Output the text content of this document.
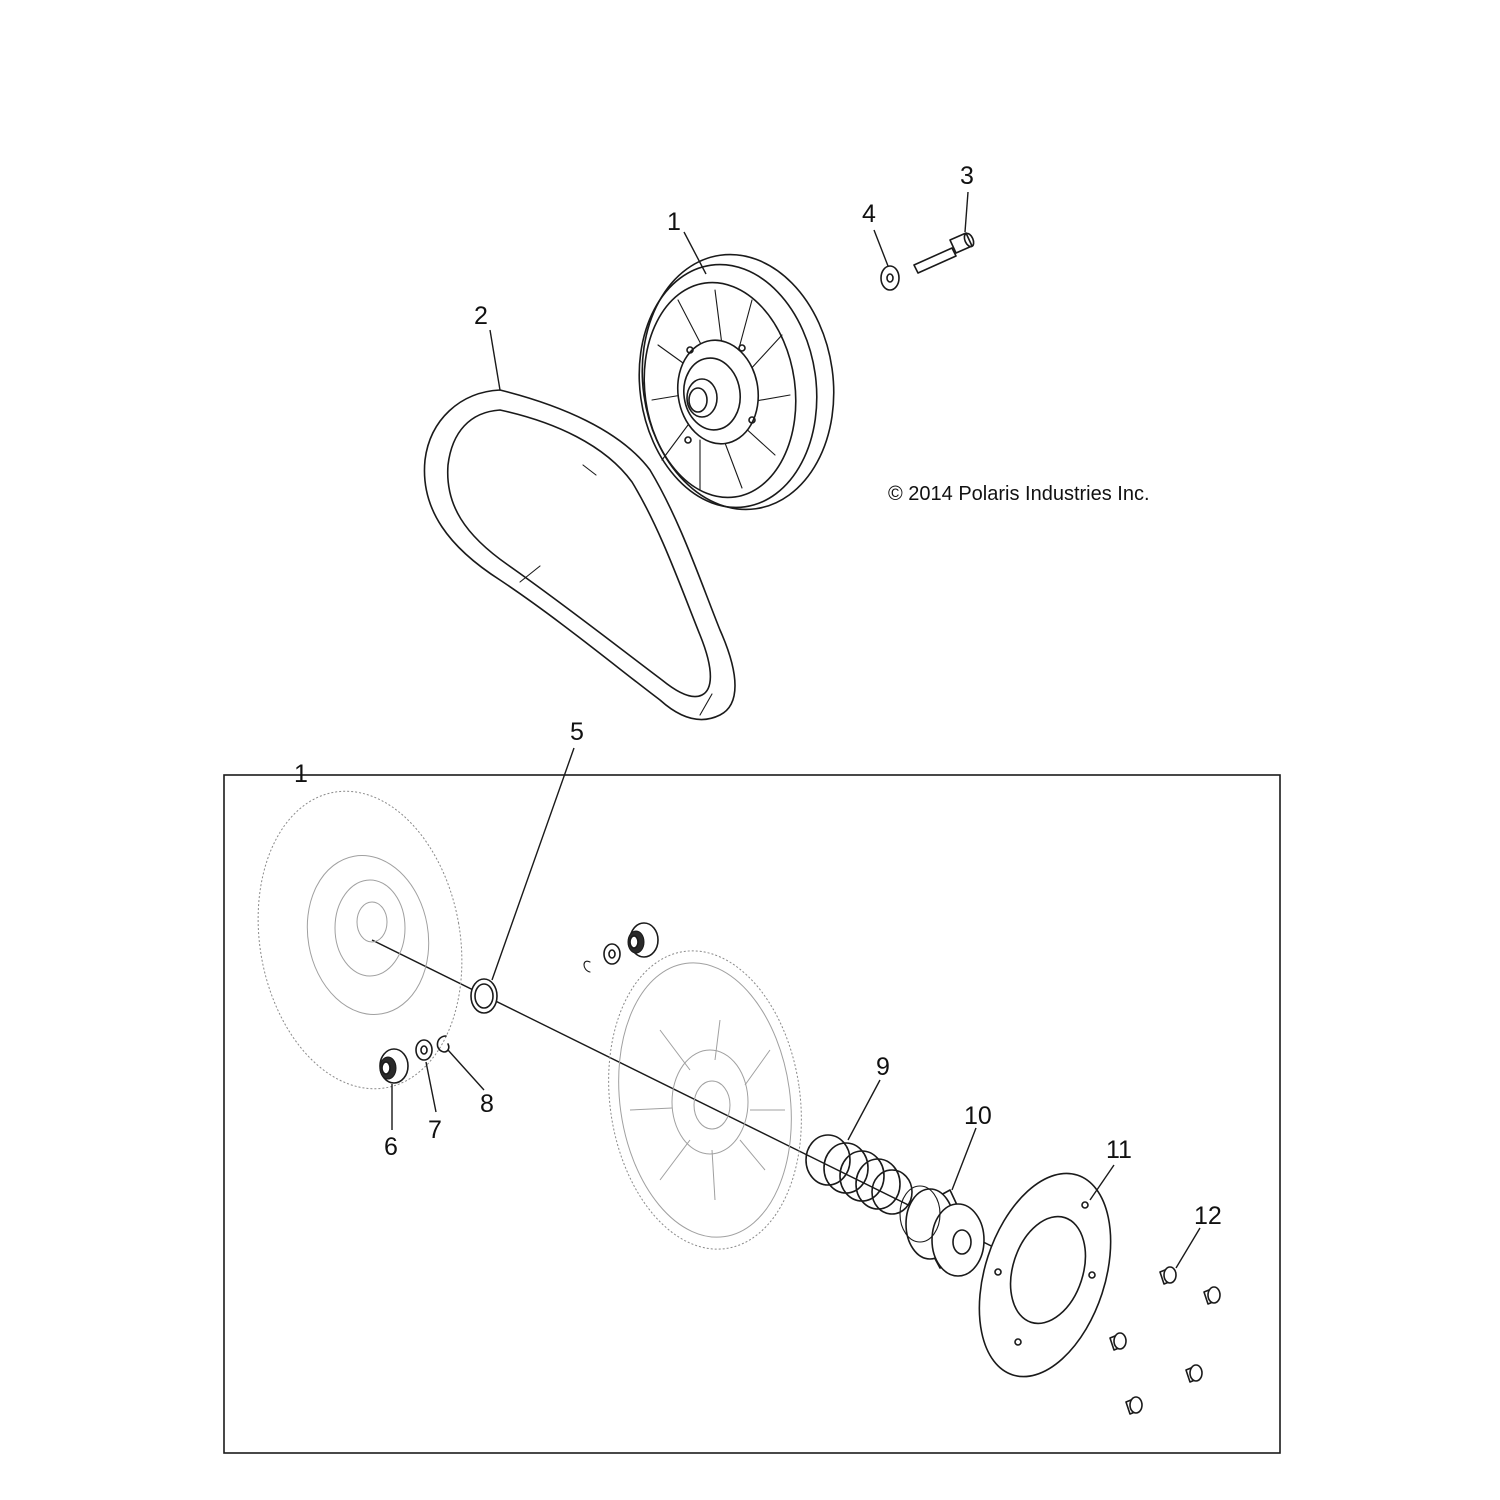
1
2
3
4
© 2014 Polaris Industries Inc.
1
5
6
7
8
9
10
11
12
